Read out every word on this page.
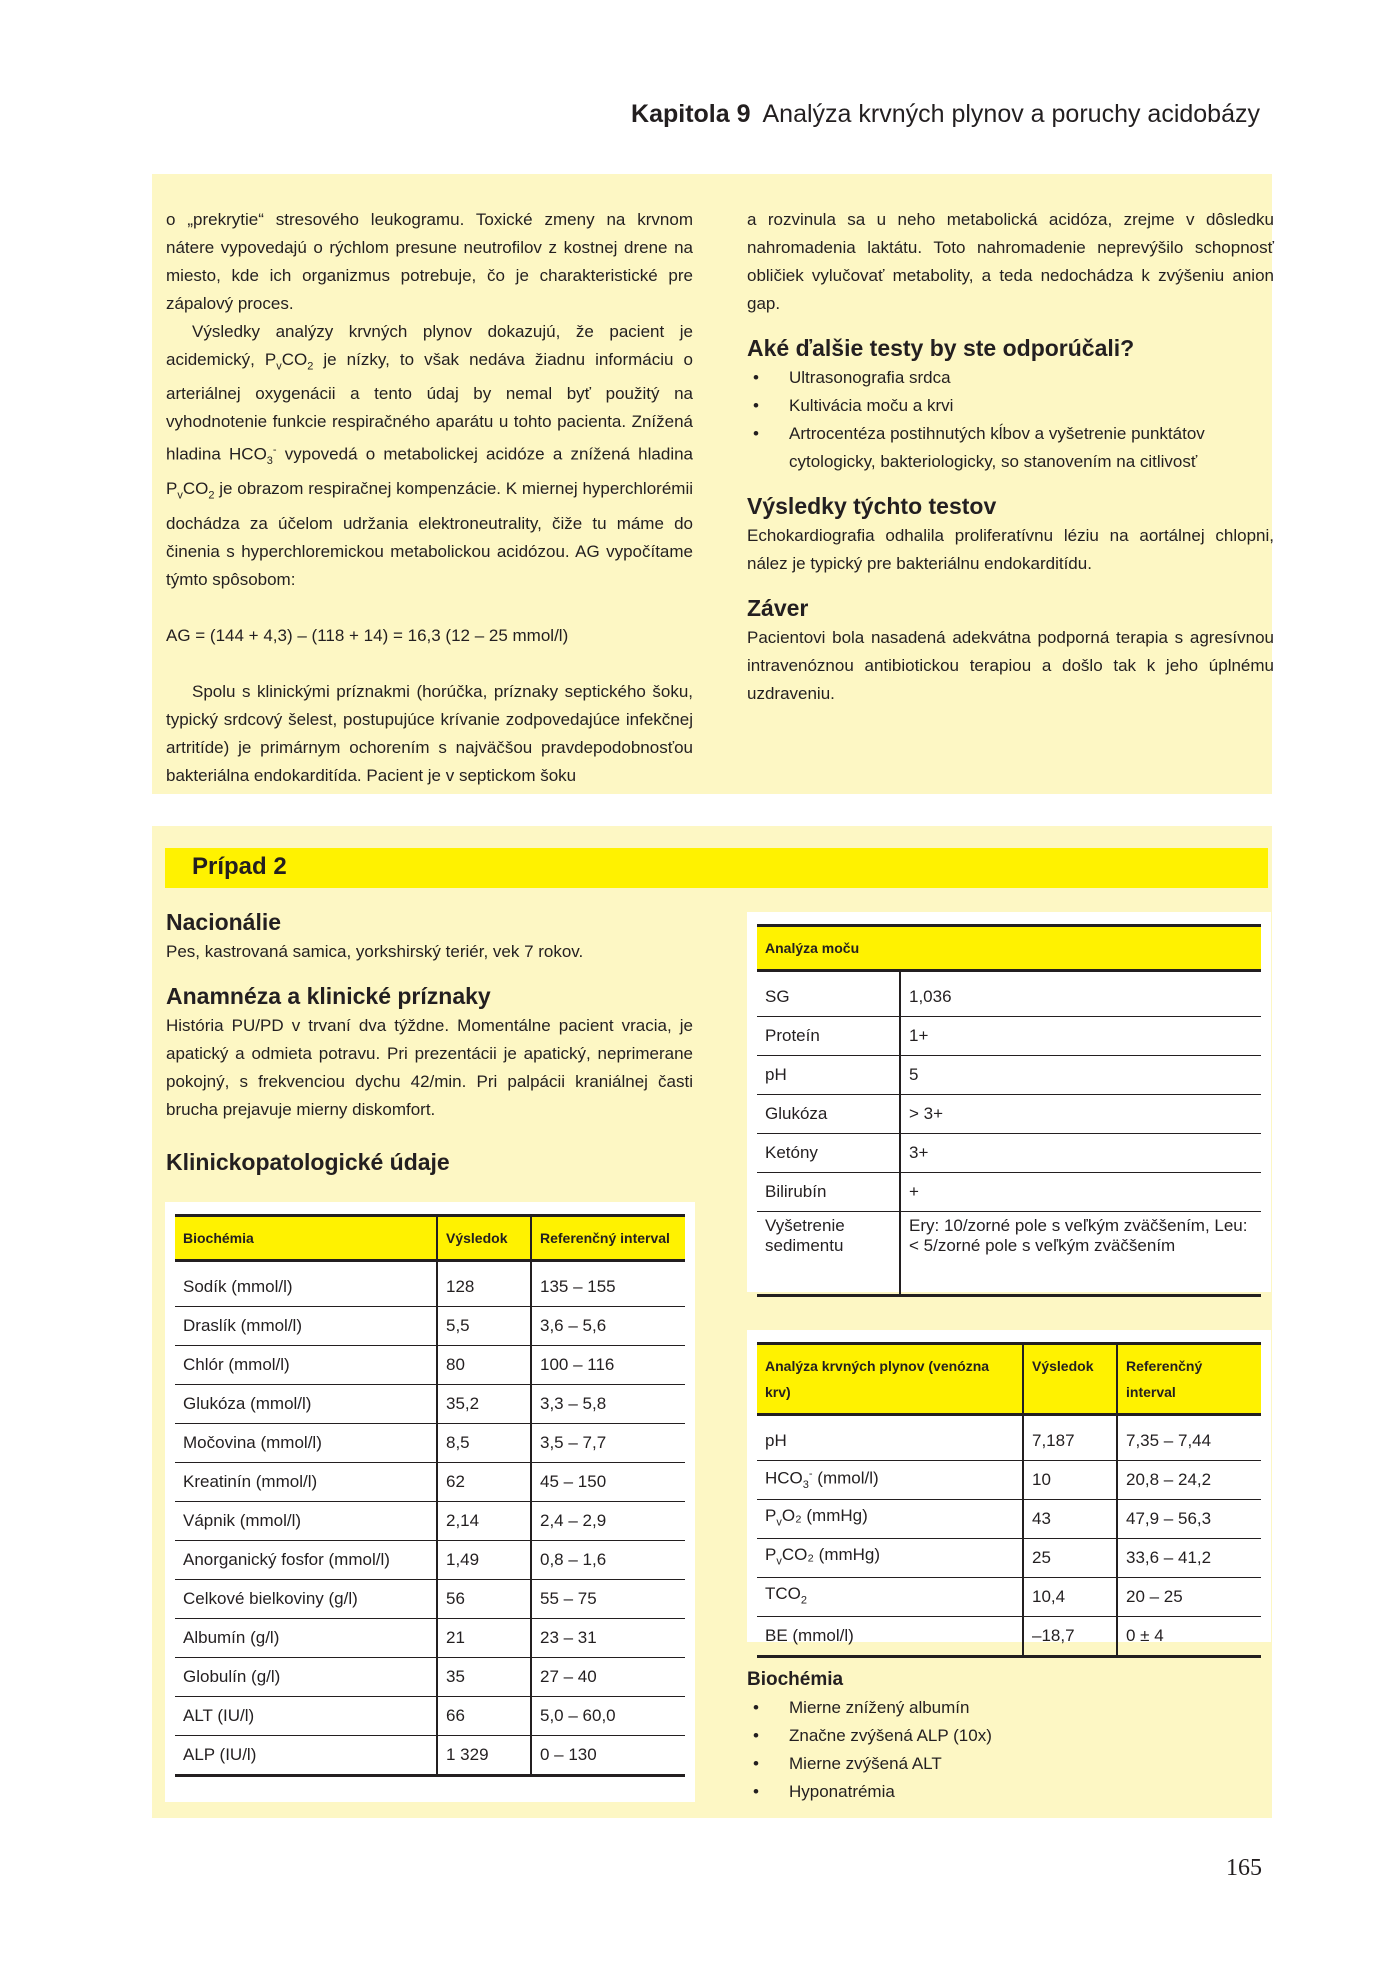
Kapitola 9 Analýza krvných plynov a poruchy acidobázy

o „prekrytie“ stresového leukogramu. Toxické zmeny na krvnom nátere vypovedajú o rýchlom presune neutrofilov z kostnej drene na miesto, kde ich organizmus potrebuje, čo je charakteristické pre zápalový proces.

Výsledky analýzy krvných plynov dokazujú, že pacient je acidemický, $P_vCO_2$ je nízky, to však nedáva žiadnu informáciu o arteriálnej oxygenácii a tento údaj by nemal byť použitý na vyhodnotenie funkcie respiračného aparátu u tohto pacienta. Znížená hladina $HCO_3^-$ vypovedá o metabolickej acidóze a znížená hladina $P_vCO_2$ je obrazom respiračnej kompenzácie. K miernej hyperchlorémii dochádza za účelom udržania elektroneutrality, čiže tu máme do činenia s hyperchloremickou metabolickou acidózou. AG vypočítame týmto spôsobom:

AG = (144 + 4,3) – (118 + 14) = 16,3 (12 – 25 mmol/l)

Spolu s klinickými príznakmi (horúčka, príznaky septického šoku, typický srdcový šelest, postupujúce krívanie zodpovedajúce infekčnej artritíde) je primárnym ochorením s najväčšou pravdepodobnosťou bakteriálna endokarditída. Pacient je v septickom šoku

a rozvinula sa u neho metabolická acidóza, zrejme v dôsledku nahromadenia laktátu. Toto nahromadenie neprevýšilo schopnosť obličiek vylučovať metabolity, a teda nedochádza k zvýšeniu anion gap.

Aké ďalšie testy by ste odporúčali?

• Ultrasonografia srdca
• Kultivácia moču a krvi
• Artrocentéza postihnutých kĺbov a vyšetrenie punktátov cytologicky, bakteriologicky, so stanovením na citlivosť

Výsledky týchto testov

Echokardiografia odhalila proliferatívnu léziu na aortálnej chlopni, nález je typický pre bakteriálnu endokarditídu.

Záver

Pacientovi bola nasadená adekvátna podporná terapia s agresívnou intravenóznou antibiotickou terapiou a došlo tak k jeho úplnému uzdraveniu.

Prípad 2

Nacionálie

Pes, kastrovaná samica, yorkshirský teriér, vek 7 rokov.

Anamnéza a klinické príznaky

História PU/PD v trvaní dva týždne. Momentálne pacient vracia, je apatický a odmieta potravu. Pri prezentácii je apatický, neprimerane pokojný, s frekvenciou dychu 42/min. Pri palpácii kraniálnej časti brucha prejavuje mierny diskomfort.

Klinickopatologické údaje

Biochémia	Výsledok	Referenčný interval
Sodík (mmol/l)	128	135 – 155
Draslík (mmol/l)	5,5	3,6 – 5,6
Chlór (mmol/l)	80	100 – 116
Glukóza (mmol/l)	35,2	3,3 – 5,8
Močovina (mmol/l)	8,5	3,5 – 7,7
Kreatinín (mmol/l)	62	45 – 150
Vápnik (mmol/l)	2,14	2,4 – 2,9
Anorganický fosfor (mmol/l)	1,49	0,8 – 1,6
Celkové bielkoviny (g/l)	56	55 – 75
Albumín (g/l)	21	23 – 31
Globulín (g/l)	35	27 – 40
ALT (IU/l)	66	5,0 – 60,0
ALP (IU/l)	1 329	0 – 130
Analýza moču	
SG	1,036
Proteín	1+
pH	5
Glukóza	> 3+
Ketóny	3+
Bilirubín	+
Vyšetrenie sedimentu	Ery: 10/zorné pole s veľkým zväčšením, Leu: < 5/zorné pole s veľkým zväčšením
Analýza krvných plynov (venózna krv)	Výsledok	Referenčný interval
pH	7,187	7,35 – 7,44
$HCO_3^-$ (mmol/l)	10	20,8 – 24,2
$P_vO_2$ (mmHg)	43	47,9 – 56,3
$P_vCO_2$ (mmHg)	25	33,6 – 41,2
$TCO_2$	10,4	20 – 25
BE (mmol/l)	–18,7	0 ± 4

Biochémia

• Mierne znížený albumín
• Značne zvýšená ALP (10x)
• Mierne zvýšená ALT
• Hyponatrémia
165
